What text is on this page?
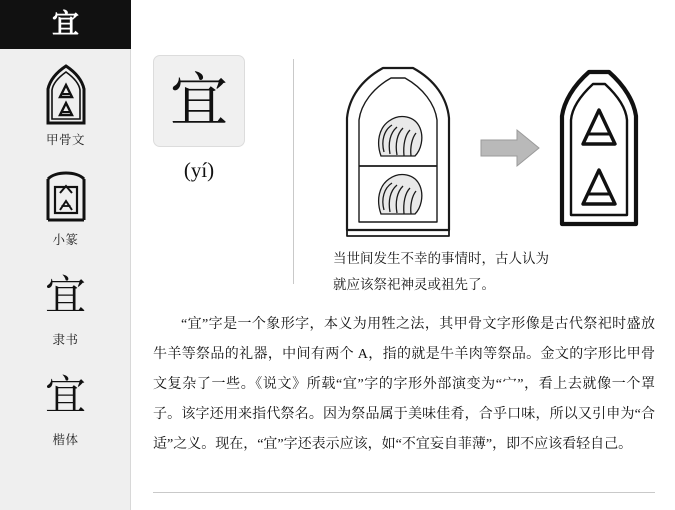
宜
甲骨文
小篆
宜
隶书
宜
楷体
宜
(yí)
当世间发生不幸的事情时，古人认为
就应该祭祀神灵或祖先了。
“宜”字是一个象形字，本义为用牲之法，其甲骨文字形像是古代祭祀时盛放牛羊等祭品的礼器，中间有两个 A，指的就是牛羊肉等祭品。金文的字形比甲骨文复杂了一些。《说文》所载“宜”字的字形外部演变为“宀”，看上去就像一个罩子。该字还用来指代祭名。因为祭品属于美味佳肴，合乎口味，所以又引申为“合适”之义。现在，“宜”字还表示应该，如“不宜妄自菲薄”，即不应该看轻自己。
